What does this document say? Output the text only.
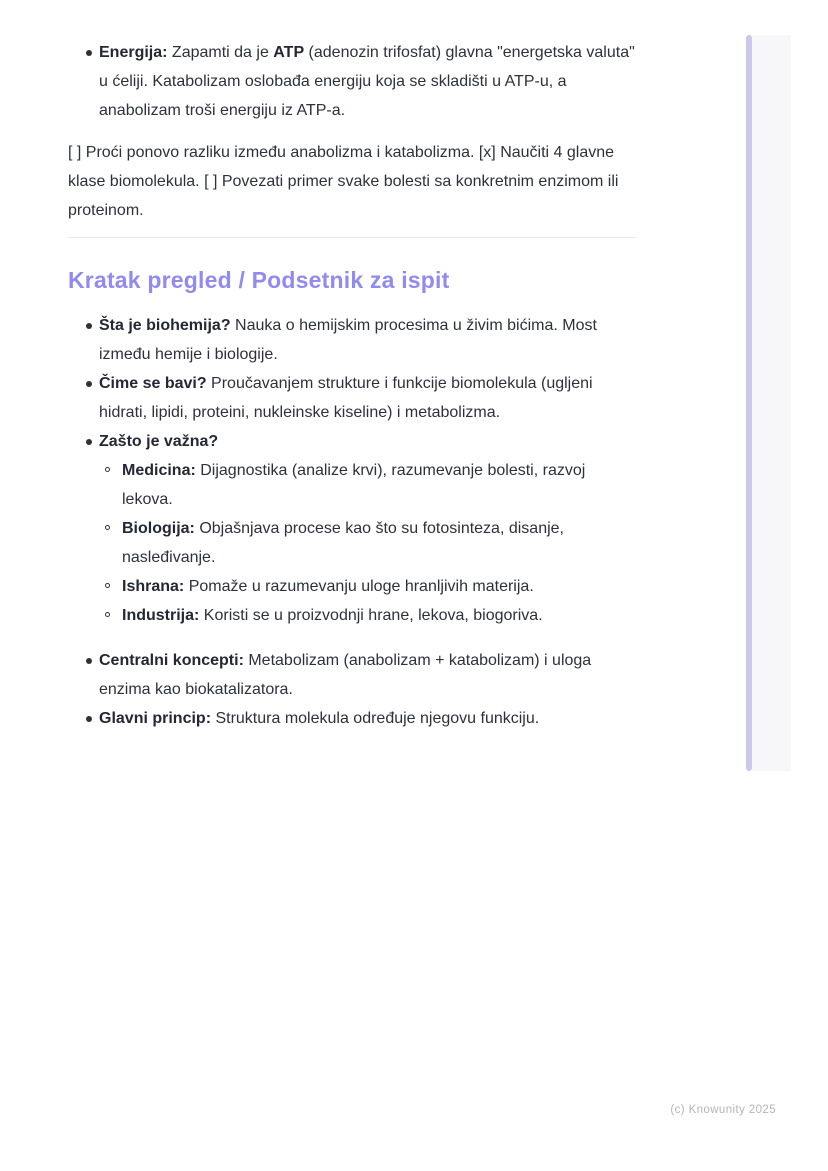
Energija: Zapamti da je ATP (adenozin trifosfat) glavna "energetska valuta" u ćeliji. Katabolizam oslobađa energiju koja se skladišti u ATP-u, a anabolizam troši energiju iz ATP-a.

[ ] Proći ponovo razliku između anabolizma i katabolizma. [x] Naučiti 4 glavne klase biomolekula. [ ] Povezati primer svake bolesti sa konkretnim enzimom ili proteinom.

Kratak pregled / Podsetnik za ispit
Šta je biohemija? Nauka o hemijskim procesima u živim bićima. Most između hemije i biologije.
Čime se bavi? Proučavanjem strukture i funkcije biomolekula (ugljeni hidrati, lipidi, proteini, nukleinske kiseline) i metabolizma.
Zašto je važna?
Medicina: Dijagnostika (analize krvi), razumevanje bolesti, razvoj lekova.
Biologija: Objašnjava procese kao što su fotosinteza, disanje, nasleđivanje.
Ishrana: Pomaže u razumevanju uloge hranljivih materija.
Industrija: Koristi se u proizvodnji hrane, lekova, biogoriva.
Centralni koncepti: Metabolizam (anabolizam + katabolizam) i uloga enzima kao biokatalizatora.
Glavni princip: Struktura molekula određuje njegovu funkciju.
(c) Knowunity 2025
